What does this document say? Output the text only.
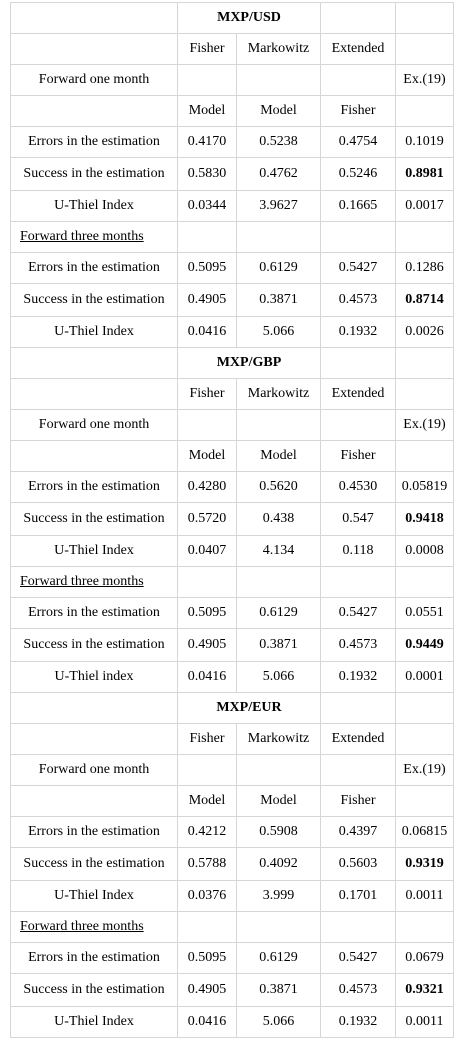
	MXP/USD			
	Fisher	Markowitz	Extended	
Forward one month				Ex.(19)
	Model	Model	Fisher	
Errors in the estimation	0.4170	0.5238	0.4754	0.1019
Success in the estimation	0.5830	0.4762	0.5246	0.8981
U-Thiel Index	0.0344	3.9627	0.1665	0.0017
Forward three months				
Errors in the estimation	0.5095	0.6129	0.5427	0.1286
Success in the estimation	0.4905	0.3871	0.4573	0.8714
U-Thiel Index	0.0416	5.066	0.1932	0.0026
	MXP/GBP			
	Fisher	Markowitz	Extended	
Forward one month				Ex.(19)
	Model	Model	Fisher	
Errors in the estimation	0.4280	0.5620	0.4530	0.05819
Success in the estimation	0.5720	0.438	0.547	0.9418
U-Thiel Index	0.0407	4.134	0.118	0.0008
Forward three months				
Errors in the estimation	0.5095	0.6129	0.5427	0.0551
Success in the estimation	0.4905	0.3871	0.4573	0.9449
U-Thiel index	0.0416	5.066	0.1932	0.0001
	MXP/EUR			
	Fisher	Markowitz	Extended	
Forward one month				Ex.(19)
	Model	Model	Fisher	
Errors in the estimation	0.4212	0.5908	0.4397	0.06815
Success in the estimation	0.5788	0.4092	0.5603	0.9319
U-Thiel Index	0.0376	3.999	0.1701	0.0011
Forward three months				
Errors in the estimation	0.5095	0.6129	0.5427	0.0679
Success in the estimation	0.4905	0.3871	0.4573	0.9321
U-Thiel Index	0.0416	5.066	0.1932	0.0011
